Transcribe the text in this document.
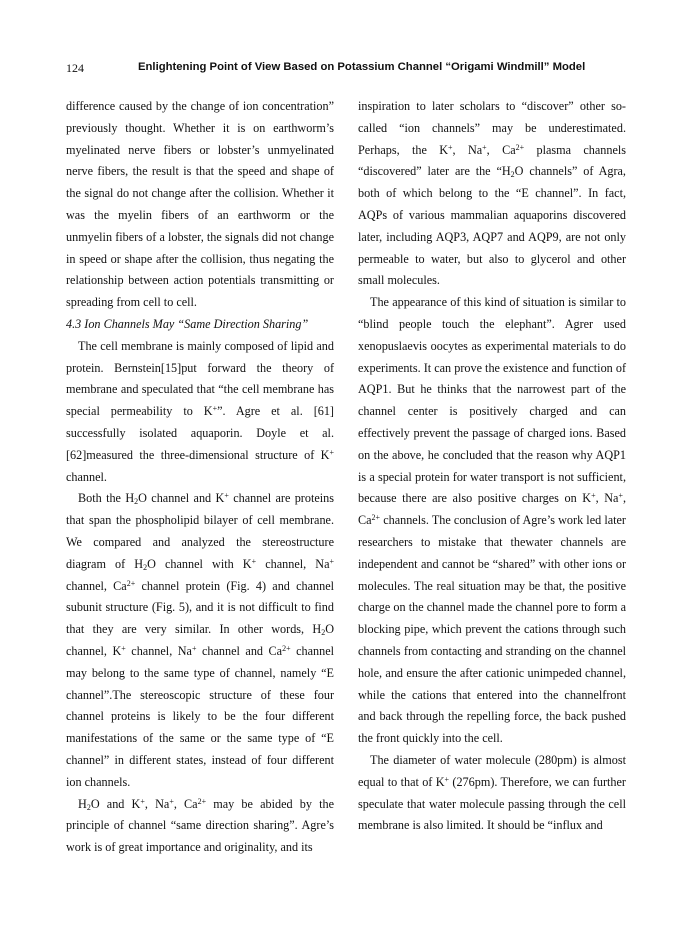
124	Enlightening Point of View Based on Potassium Channel “Origami Windmill” Model

difference caused by the change of ion concentration” previously thought. Whether it is on earthworm’s myelinated nerve fibers or lobster’s unmyelinated nerve fibers, the result is that the speed and shape of the signal do not change after the collision. Whether it was the myelin fibers of an earthworm or the unmyelin fibers of a lobster, the signals did not change in speed or shape after the collision, thus negating the relationship between action potentials transmitting or spreading from cell to cell.

4.3 Ion Channels May “Same Direction Sharing”

The cell membrane is mainly composed of lipid and protein. Bernstein[15]put forward the theory of membrane and speculated that “the cell membrane has special permeability to K+”. Agre et al. [61] successfully isolated aquaporin. Doyle et al. [62]measured the three-dimensional structure of K+ channel.

Both the $H_2O$ channel and K+ channel are proteins that span the phospholipid bilayer of cell membrane. We compared and analyzed the stereostructure diagram of $H_2O$ channel with K+ channel, Na+ channel, $Ca^{2+}$ channel protein (Fig. 4) and channel subunit structure (Fig. 5), and it is not difficult to find that they are very similar. In other words, $H_2O$ channel, K+ channel, Na+ channel and $Ca^{2+}$ channel may belong to the same type of channel, namely “E channel”.The stereoscopic structure of these four channel proteins is likely to be the four different manifestations of the same or the same type of “E channel” in different states, instead of four different ion channels.

$H_2O$ and K+, Na+, $Ca^{2+}$ may be abided by the principle of channel “same direction sharing”. Agre’s work is of great importance and originality, and its

inspiration to later scholars to “discover” other so-called “ion channels” may be underestimated. Perhaps, the K+, Na+, $Ca^{2+}$ plasma channels “discovered” later are the “$H_2O$ channels” of Agra, both of which belong to the “E channel”. In fact, AQPs of various mammalian aquaporins discovered later, including AQP3, AQP7 and AQP9, are not only permeable to water, but also to glycerol and other small molecules.

The appearance of this kind of situation is similar to “blind people touch the elephant”. Agrer used xenopuslaevis oocytes as experimental materials to do experiments. It can prove the existence and function of AQP1. But he thinks that the narrowest part of the channel center is positively charged and can effectively prevent the passage of charged ions. Based on the above, he concluded that the reason why AQP1 is a special protein for water transport is not sufficient, because there are also positive charges on K+, Na+, $Ca^{2+}$ channels. The conclusion of Agre’s work led later researchers to mistake that thewater channels are independent and cannot be “shared” with other ions or molecules. The real situation may be that, the positive charge on the channel made the channel pore to form a blocking pipe, which prevent the cations through such channels from contacting and stranding on the channel hole, and ensure the after cationic unimpeded channel, while the cations that entered into the channelfront and back through the repelling force, the back pushed the front quickly into the cell.

The diameter of water molecule (280pm) is almost equal to that of K+ (276pm). Therefore, we can further speculate that water molecule passing through the cell membrane is also limited. It should be “influx and
